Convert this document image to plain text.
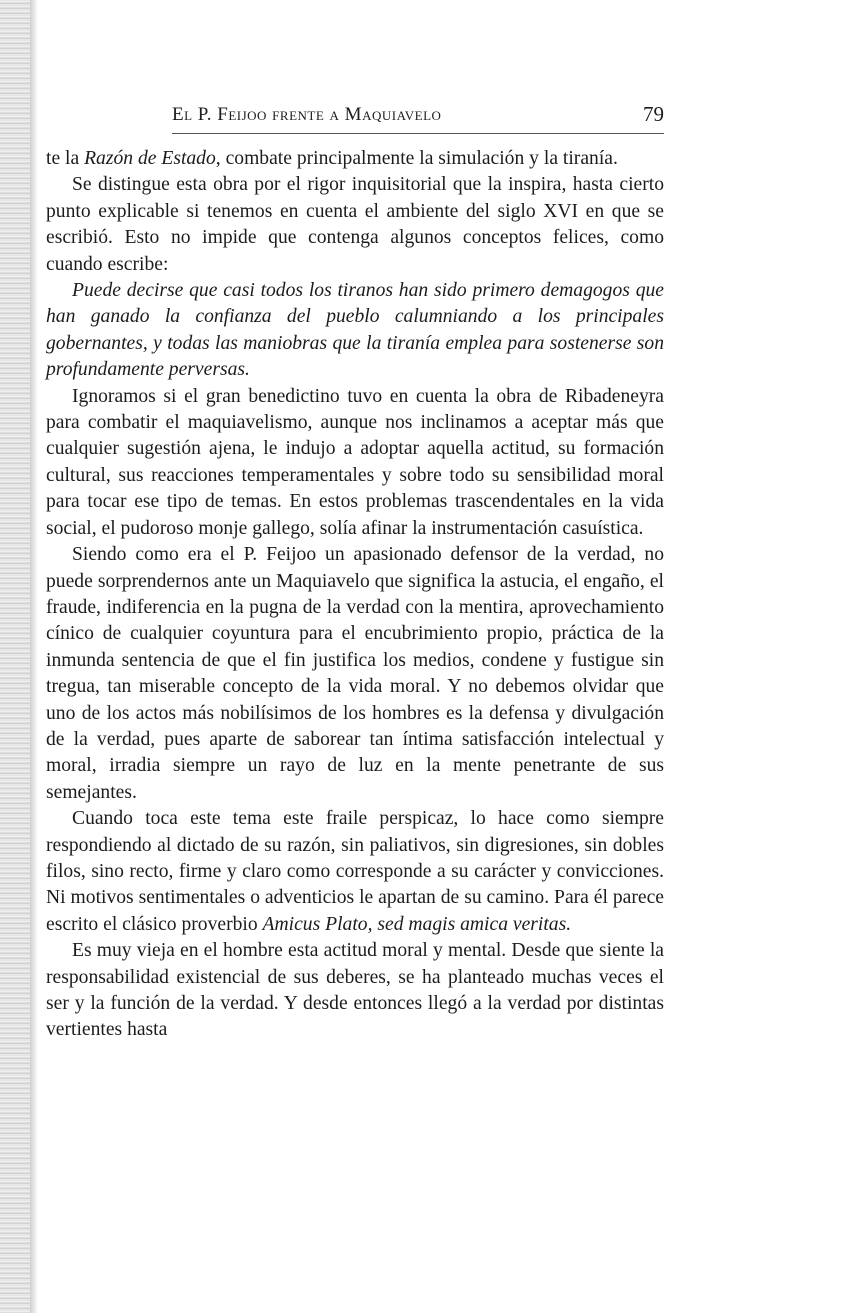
El P. Feijoo frente a Maquiavelo	79

te la Razón de Estado, combate principalmente la simulación y la tiranía.

Se distingue esta obra por el rigor inquisitorial que la inspira, hasta cierto punto explicable si tenemos en cuenta el ambiente del siglo XVI en que se escribió. Esto no impide que contenga algunos conceptos felices, como cuando escribe:

Puede decirse que casi todos los tiranos han sido primero demagogos que han ganado la confianza del pueblo calumniando a los principales gobernantes, y todas las maniobras que la tiranía emplea para sostenerse son profundamente perversas.

Ignoramos si el gran benedictino tuvo en cuenta la obra de Ribadeneyra para combatir el maquiavelismo, aunque nos inclinamos a aceptar más que cualquier sugestión ajena, le indujo a adoptar aquella actitud, su formación cultural, sus reacciones temperamentales y sobre todo su sensibilidad moral para tocar ese tipo de temas. En estos problemas trascendentales en la vida social, el pudoroso monje gallego, solía afinar la instrumentación casuística.

Siendo como era el P. Feijoo un apasionado defensor de la verdad, no puede sorprendernos ante un Maquiavelo que significa la astucia, el engaño, el fraude, indiferencia en la pugna de la verdad con la mentira, aprovechamiento cínico de cualquier coyuntura para el encubrimiento propio, práctica de la inmunda sentencia de que el fin justifica los medios, condene y fustigue sin tregua, tan miserable concepto de la vida moral. Y no debemos olvidar que uno de los actos más nobilísimos de los hombres es la defensa y divulgación de la verdad, pues aparte de saborear tan íntima satisfacción intelectual y moral, irradia siempre un rayo de luz en la mente penetrante de sus semejantes.

Cuando toca este tema este fraile perspicaz, lo hace como siempre respondiendo al dictado de su razón, sin paliativos, sin digresiones, sin dobles filos, sino recto, firme y claro como corresponde a su carácter y convicciones. Ni motivos sentimentales o adventicios le apartan de su camino. Para él parece escrito el clásico proverbio Amicus Plato, sed magis amica veritas.

Es muy vieja en el hombre esta actitud moral y mental. Desde que siente la responsabilidad existencial de sus deberes, se ha planteado muchas veces el ser y la función de la verdad. Y desde entonces llegó a la verdad por distintas vertientes hasta
